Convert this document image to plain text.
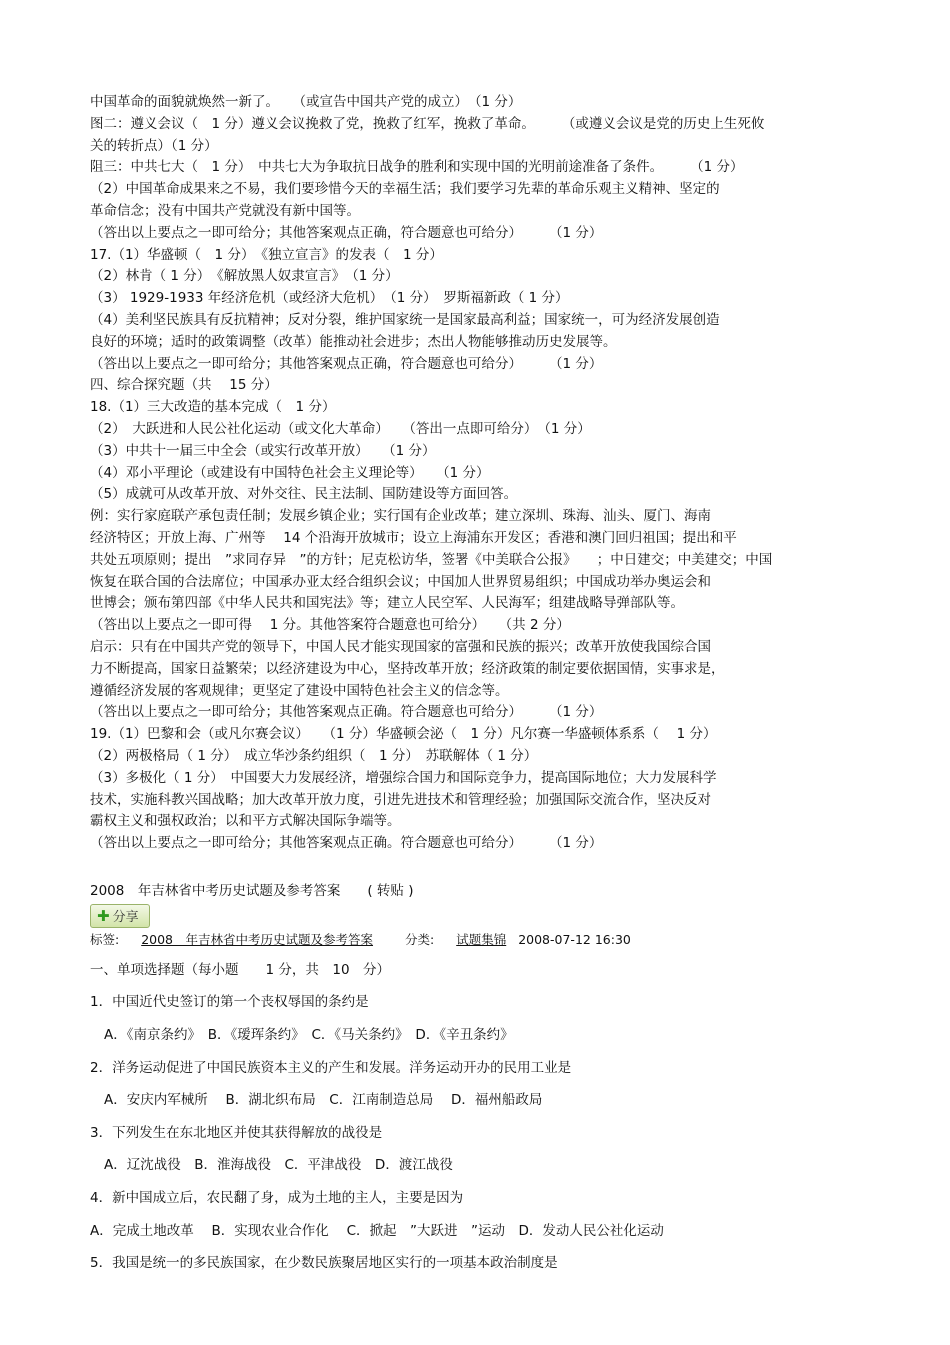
中国革命的面貌就焕然一新了。　　（或宣告中国共产党的成立）　（1 分）
图二：遵义会议（　1 分）遵义会议挽救了党，挽救了红军，挽救了革命。　　　（或遵义会议是党的历史上生死攸
关的转折点）（1 分）
阻三：中共七大（　1 分）　中共七大为争取抗日战争的胜利和实现中国的光明前途准备了条件。　　　（1 分）
（2）中国革命成果来之不易，我们要珍惜今天的幸福生活；我们要学习先辈的革命乐观主义精神、坚定的
革命信念；没有中国共产党就没有新中国等。
（答出以上要点之一即可给分；其他答案观点正确，符合题意也可给分）　　　（1 分）
17.（1）华盛顿（　1 分）　《独立宣言》的发表（　1 分）
（2）林肯（ 1 分）　《解放黑人奴隶宣言》　（1 分）
（3） 1929-1933 年经济危机（或经济大危机）　（1 分）　罗斯福新政（ 1 分）
（4）美利坚民族具有反抗精神；反对分裂，维护国家统一是国家最高利益；国家统一，可为经济发展创造
良好的环境；适时的政策调整（改革）能推动社会进步；杰出人物能够推动历史发展等。
（答出以上要点之一即可给分；其他答案观点正确，符合题意也可给分）　　　（1 分）
四、综合探究题（共　 15 分）
18.（1）三大改造的基本完成（　1 分）
（2）　大跃进和人民公社化运动（或文化大革命）　　（答出一点即可给分）　（1 分）
（3）中共十一届三中全会（或实行改革开放）　　（1 分）
（4）邓小平理论（或建设有中国特色社会主义理论等）　　（1 分）
（5）成就可从改革开放、对外交往、民主法制、国防建设等方面回答。
例：实行家庭联产承包责任制；发展乡镇企业；实行国有企业改革；建立深圳、珠海、汕头、厦门、海南
经济特区；开放上海、广州等　 14 个沿海开放城市；设立上海浦东开发区；香港和澳门回归祖国；提出和平
共处五项原则；提出　”求同存异　”的方针；尼克松访华，签署《中美联合公报》　　；中日建交；中美建交；中国
恢复在联合国的合法席位；中国承办亚太经合组织会议；中国加人世界贸易组织；中国成功举办奥运会和
世博会；颁布第四部《中华人民共和国宪法》等；建立人民空军、人民海军；组建战略导弹部队等。
（答出以上要点之一即可得　 1 分。其他答案符合题意也可给分）　　（共 2 分）
启示：只有在中国共产党的领导下，中国人民才能实现国家的富强和民族的振兴；改革开放使我国综合国
力不断提高，国家日益繁荣；以经济建设为中心，坚持改革开放；经济政策的制定要依据国情，实事求是，
遵循经济发展的客观规律；更坚定了建设中国特色社会主义的信念等。
（答出以上要点之一即可给分；其他答案观点正确。符合题意也可给分）　　　（1 分）
19.（1）巴黎和会（或凡尔赛会议）　　（1 分）华盛顿会泌（　1 分）凡尔赛一华盛顿体系系（　 1 分）
（2）两极格局（ 1 分）　成立华沙条约组织（　1 分）　苏联解体（ 1 分）
（3）多极化（ 1 分）　中国要大力发展经济，增强综合国力和国际竞争力，提高国际地位；大力发展科学
技术，实施科教兴国战略；加大改革开放力度，引进先进技术和管理经验；加强国际交流合作，坚决反对
霸权主义和强权政治；以和平方式解决国际争端等。
（答出以上要点之一即可给分；其他答案观点正确。符合题意也可给分）　　　（1 分）
2008　年吉林省中考历史试题及参考答案　　( 转贴 )
✚ 分享
标签: 2008　年吉林省中考历史试题及参考答案	分类: 试题集锦 2008-07-12 16:30
一、单项选择题（每小题　　1 分，共　10　分）
1．中国近代史签订的第一个丧权辱国的条约是
A．《南京条约》　B．《瑷珲条约》　C．《马关条约》　D．《辛丑条约》
2．洋务运动促进了中国民族资本主义的产生和发展。洋务运动开办的民用工业是
A．安庆内军械所　 B．湖北织布局　C．江南制造总局　 D．福州船政局
3．下列发生在东北地区并使其获得解放的战役是
A．辽沈战役　B．淮海战役　C．平津战役　D．渡江战役
4．新中国成立后，农民翻了身，成为土地的主人，主要是因为
A．完成土地改革　 B．实现农业合作化　 C．掀起　”大跃进　”运动　D．发动人民公社化运动
5．我国是统一的多民族国家，在少数民族聚居地区实行的一项基本政治制度是
